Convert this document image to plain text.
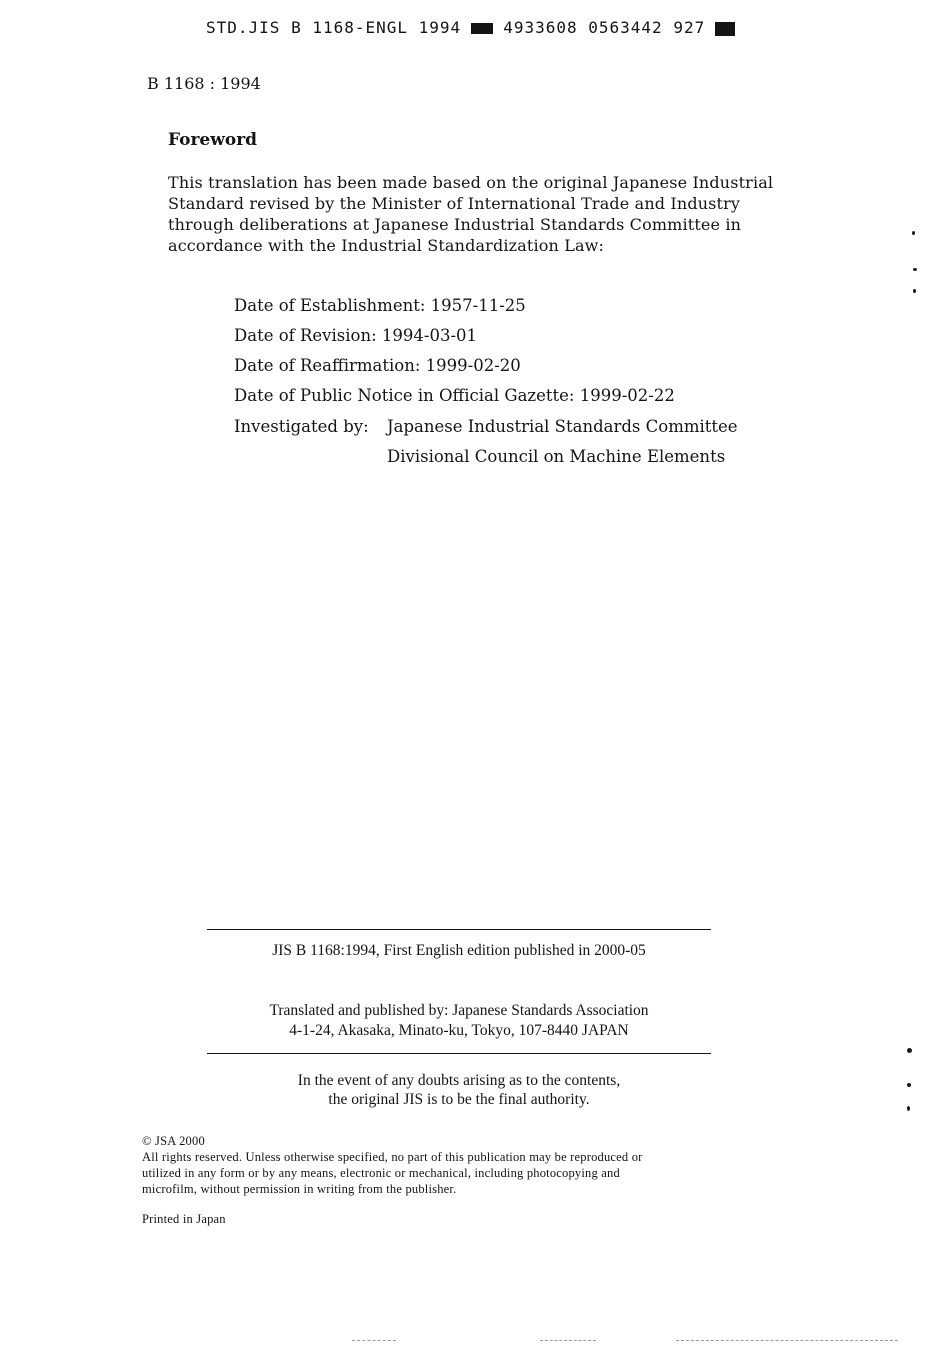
STD.JIS B 1168-ENGL 1994	4933608 0563442 927
B 1168 : 1994
Foreword
This translation has been made based on the original Japanese Industrial
Standard revised by the Minister of International Trade and Industry
through deliberations at Japanese Industrial Standards Committee in
accordance with the Industrial Standardization Law:
Date of Establishment: 1957-11-25
Date of Revision: 1994-03-01
Date of Reaffirmation: 1999-02-20
Date of Public Notice in Official Gazette: 1999-02-22
Investigated by: Japanese Industrial Standards Committee
Divisional Council on Machine Elements
JIS B 1168:1994, First English edition published in 2000-05
Translated and published by: Japanese Standards Association
4-1-24, Akasaka, Minato-ku, Tokyo, 107-8440 JAPAN
In the event of any doubts arising as to the contents,
the original JIS is to be the final authority.
© JSA 2000
All rights reserved. Unless otherwise specified, no part of this publication may be reproduced or
utilized in any form or by any means, electronic or mechanical, including photocopying and
microfilm, without permission in writing from the publisher.
Printed in Japan
